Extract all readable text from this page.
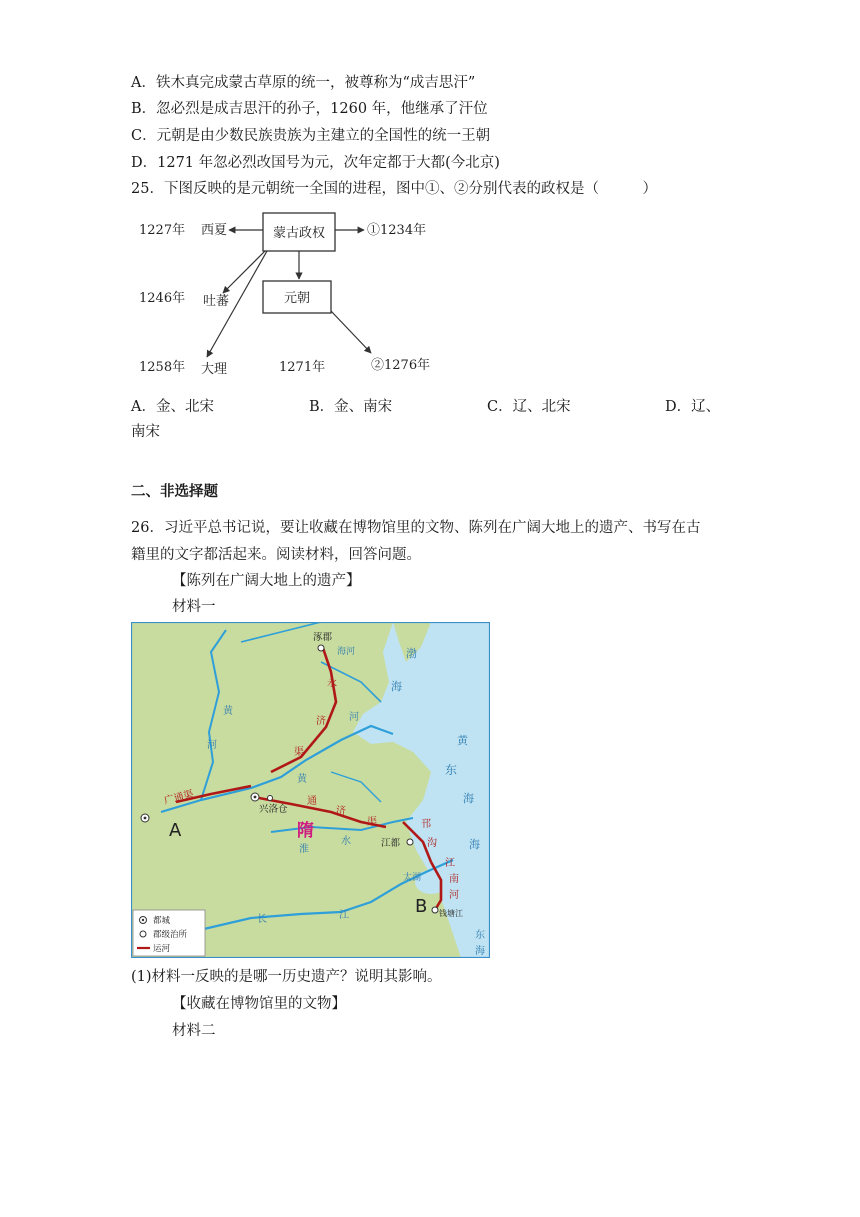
A．铁木真完成蒙古草原的统一，被尊称为“成吉思汗”
B．忽必烈是成吉思汗的孙子，1260 年，他继承了汗位
C．元朝是由少数民族贵族为主建立的全国性的统一王朝
D．1271 年忽必烈改国号为元，次年定都于大都(今北京)
25．下图反映的是元朝统一全国的进程，图中①、②分别代表的政权是（　　　）
蒙古政权
元朝
1227年 西夏	①1234年
1246年 吐蕃
1258年 大理	1271年	②1276年
A．金、北宋	B．金、南宋	C．辽、北宋	D．辽、
南宋
二、非选择题
26．习近平总书记说，要让收藏在博物馆里的文物、陈列在广阔大地上的遗产、书写在古
籍里的文字都活起来。阅读材料，回答问题。
【陈列在广阔大地上的遗产】
材料一
涿郡
海河	渤
海
黄
河
永
济
渠
河
黄
东
海
海
广通渠
黄
通
济
渠
兴洛仓
A	隋
淮
水
邗
沟
江都
太湖
江
南
河
B 钱塘江
长	江
东
海
都城
郡级治所
运河
(1)材料一反映的是哪一历史遗产？说明其影响。
【收藏在博物馆里的文物】
材料二
